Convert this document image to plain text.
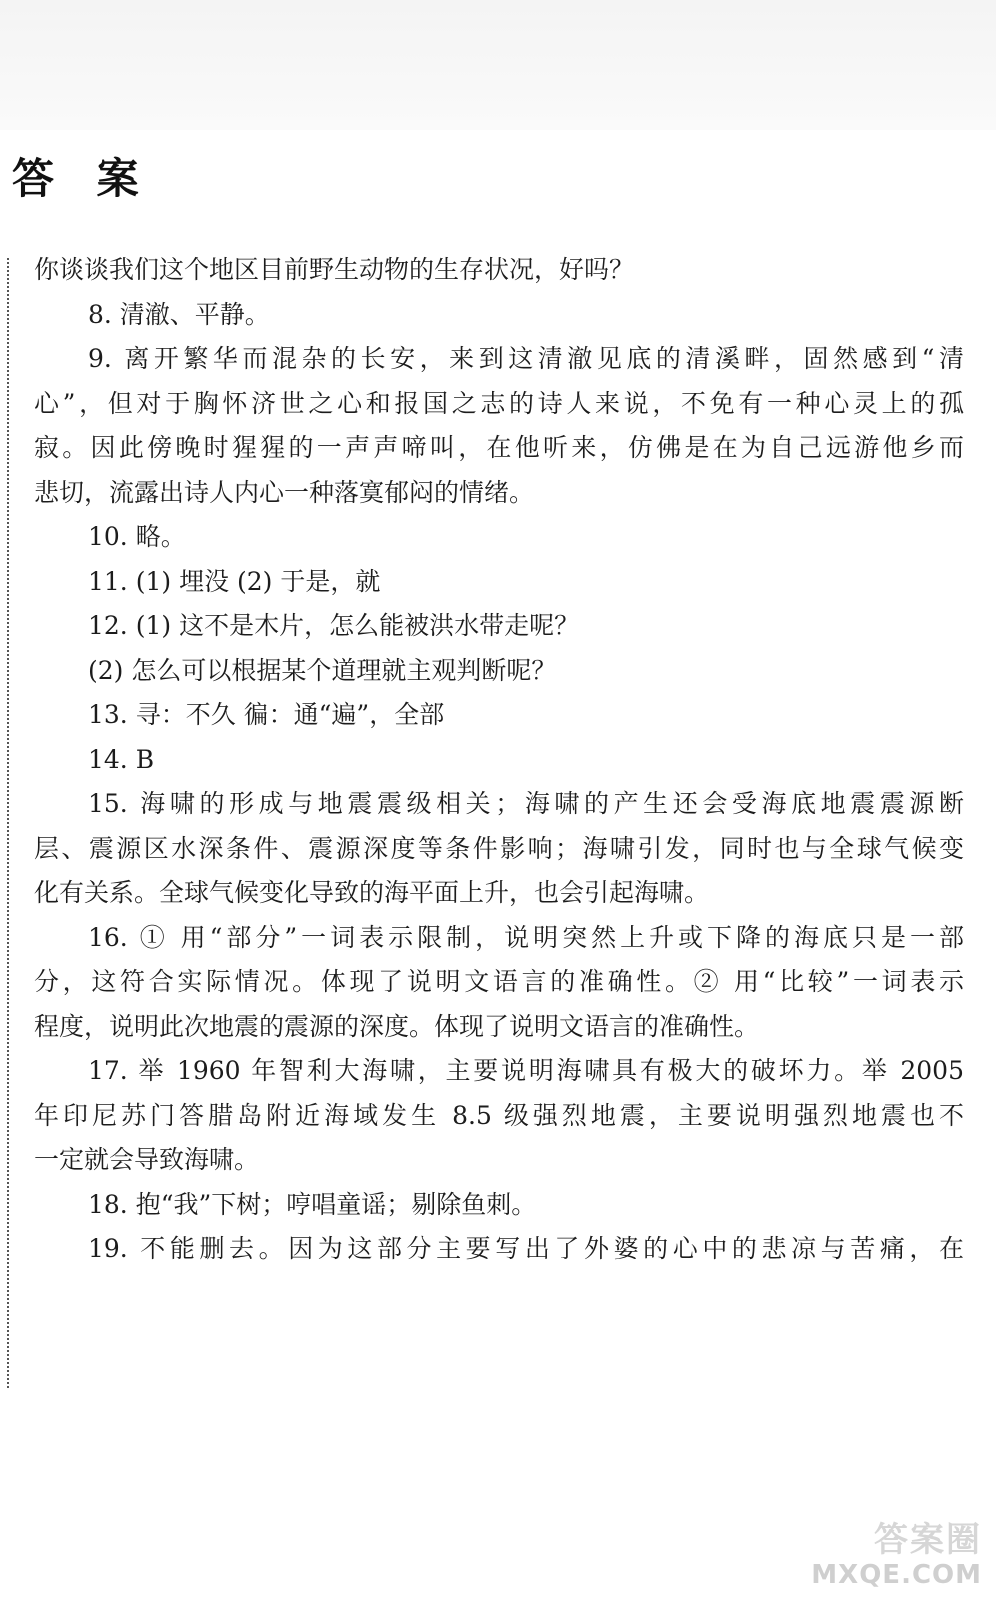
答 案
你谈谈我们这个地区目前野生动物的生存状况，好吗？
8. 清澈、平静。
9. 离开繁华而混杂的长安，来到这清澈见底的清溪畔，固然感到“清
心”，但对于胸怀济世之心和报国之志的诗人来说，不免有一种心灵上的孤
寂。因此傍晚时猩猩的一声声啼叫，在他听来，仿佛是在为自己远游他乡而
悲切，流露出诗人内心一种落寞郁闷的情绪。
10. 略。
11. (1) 埋没 (2) 于是，就
12. (1) 这不是木片，怎么能被洪水带走呢？
(2) 怎么可以根据某个道理就主观判断呢？
13. 寻：不久 徧：通“遍”，全部
14. B
15. 海啸的形成与地震震级相关；海啸的产生还会受海底地震震源断
层、震源区水深条件、震源深度等条件影响；海啸引发，同时也与全球气候变
化有关系。全球气候变化导致的海平面上升，也会引起海啸。
16. ① 用“部分”一词表示限制，说明突然上升或下降的海底只是一部
分，这符合实际情况。体现了说明文语言的准确性。② 用“比较”一词表示
程度，说明此次地震的震源的深度。体现了说明文语言的准确性。
17. 举 1960 年智利大海啸，主要说明海啸具有极大的破坏力。举 2005
年印尼苏门答腊岛附近海域发生 8.5 级强烈地震，主要说明强烈地震也不
一定就会导致海啸。
18. 抱“我”下树；哼唱童谣；剔除鱼刺。
19. 不能删去。因为这部分主要写出了外婆的心中的悲凉与苦痛，在
答案圈
MXQE.COM
